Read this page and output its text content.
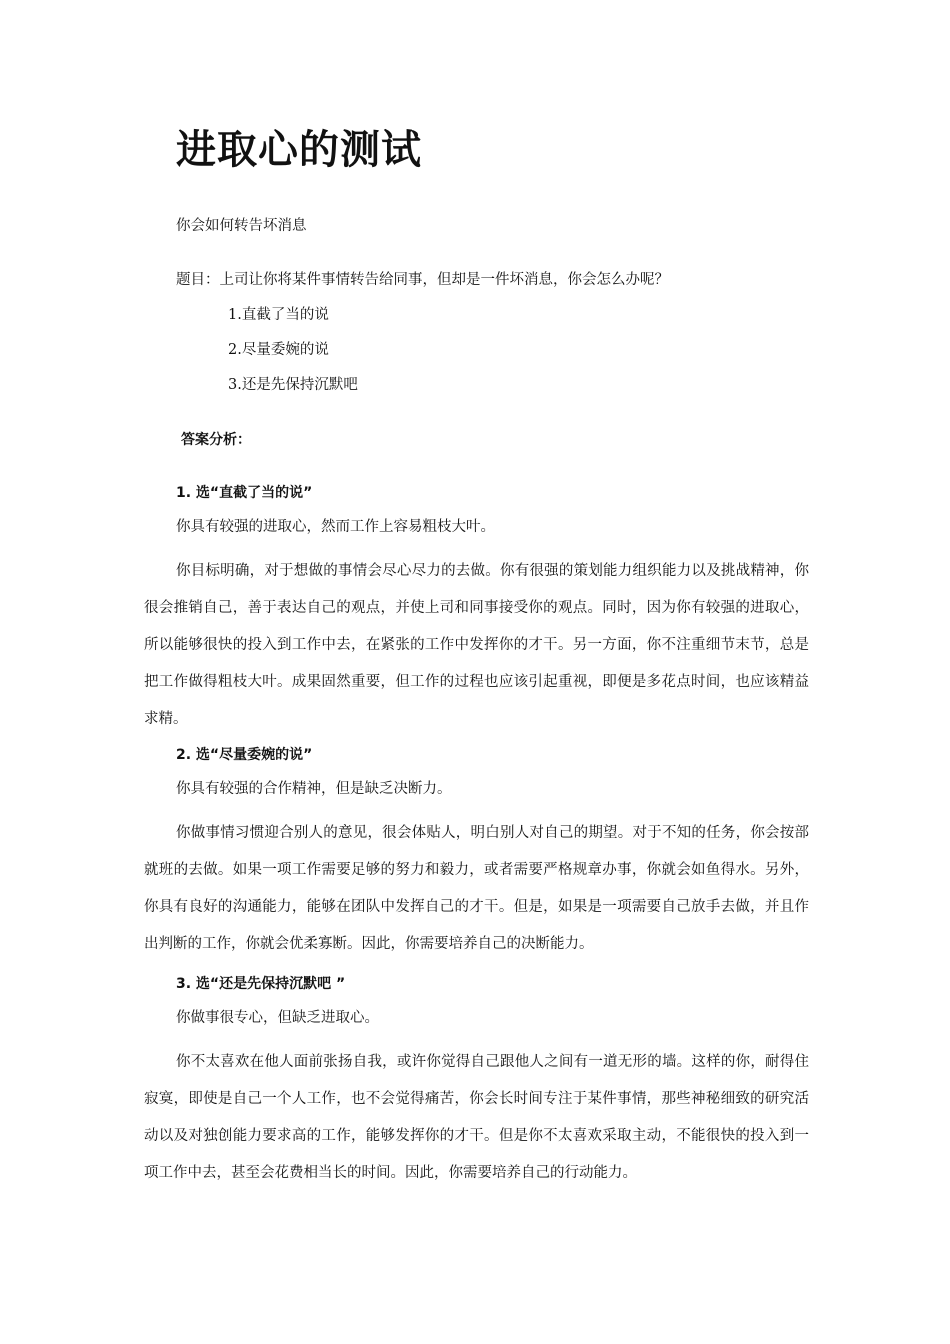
进取心的测试

你会如何转告坏消息

题目：上司让你将某件事情转告给同事，但却是一件坏消息，你会怎么办呢？

1.直截了当的说

2.尽量委婉的说

3.还是先保持沉默吧

答案分析：

1. 选“直截了当的说”

你具有较强的进取心，然而工作上容易粗枝大叶。

你目标明确，对于想做的事情会尽心尽力的去做。你有很强的策划能力组织能力以及挑战精神，你很会推销自己，善于表达自己的观点，并使上司和同事接受你的观点。同时，因为你有较强的进取心，所以能够很快的投入到工作中去，在紧张的工作中发挥你的才干。另一方面，你不注重细节末节，总是把工作做得粗枝大叶。成果固然重要，但工作的过程也应该引起重视，即便是多花点时间，也应该精益求精。

2. 选“尽量委婉的说”

你具有较强的合作精神，但是缺乏决断力。

你做事情习惯迎合别人的意见，很会体贴人，明白别人对自己的期望。对于不知的任务，你会按部就班的去做。如果一项工作需要足够的努力和毅力，或者需要严格规章办事，你就会如鱼得水。另外，你具有良好的沟通能力，能够在团队中发挥自己的才干。但是，如果是一项需要自己放手去做，并且作出判断的工作，你就会优柔寡断。因此，你需要培养自己的决断能力。

3. 选“还是先保持沉默吧 ”

你做事很专心，但缺乏进取心。

你不太喜欢在他人面前张扬自我，或许你觉得自己跟他人之间有一道无形的墙。这样的你，耐得住寂寞，即使是自己一个人工作，也不会觉得痛苦，你会长时间专注于某件事情，那些神秘细致的研究活动以及对独创能力要求高的工作，能够发挥你的才干。但是你不太喜欢采取主动，不能很快的投入到一项工作中去，甚至会花费相当长的时间。因此，你需要培养自己的行动能力。
